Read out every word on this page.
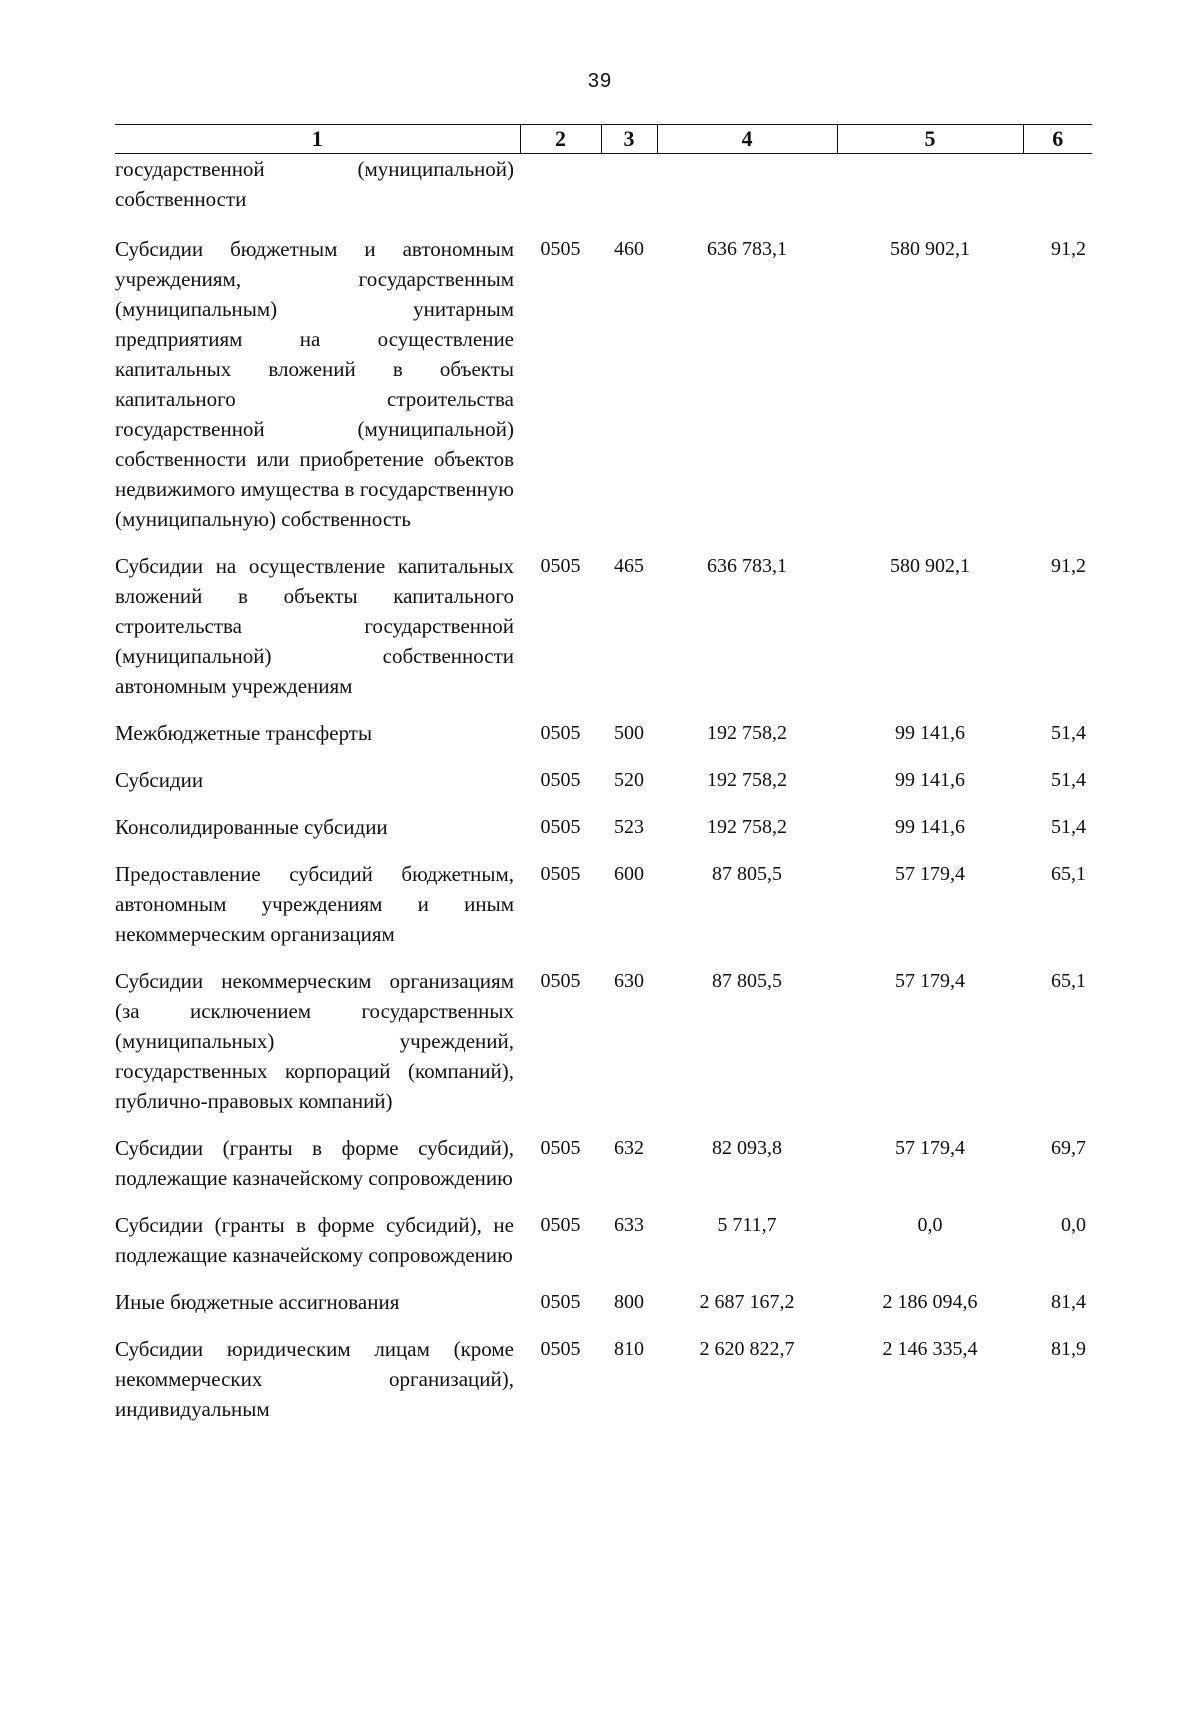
39
1	2	3	4	5	6
государственной (муниципальной) собственности					
Субсидии бюджетным и автономным учреждениям, государственным (муниципальным) унитарным предприятиям на осуществление капитальных вложений в объекты капитального строительства государственной (муниципальной) собственности или приобретение объектов недвижимого имущества в государственную (муниципальную) собственность	0505	460	636 783,1	580 902,1	91,2
Субсидии на осуществление капитальных вложений в объекты капитального строительства государственной (муниципальной) собственности автономным учреждениям	0505	465	636 783,1	580 902,1	91,2
Межбюджетные трансферты	0505	500	192 758,2	99 141,6	51,4
Субсидии	0505	520	192 758,2	99 141,6	51,4
Консолидированные субсидии	0505	523	192 758,2	99 141,6	51,4
Предоставление субсидий бюджетным, автономным учреждениям и иным некоммерческим организациям	0505	600	87 805,5	57 179,4	65,1
Субсидии некоммерческим организациям (за исключением государственных (муниципальных) учреждений, государственных корпораций (компаний), публично-правовых компаний)	0505	630	87 805,5	57 179,4	65,1
Субсидии (гранты в форме субсидий), подлежащие казначейскому сопровождению	0505	632	82 093,8	57 179,4	69,7
Субсидии (гранты в форме субсидий), не подлежащие казначейскому сопровождению	0505	633	5 711,7	0,0	0,0
Иные бюджетные ассигнования	0505	800	2 687 167,2	2 186 094,6	81,4
Субсидии юридическим лицам (кроме некоммерческих организаций), индивидуальным	0505	810	2 620 822,7	2 146 335,4	81,9
